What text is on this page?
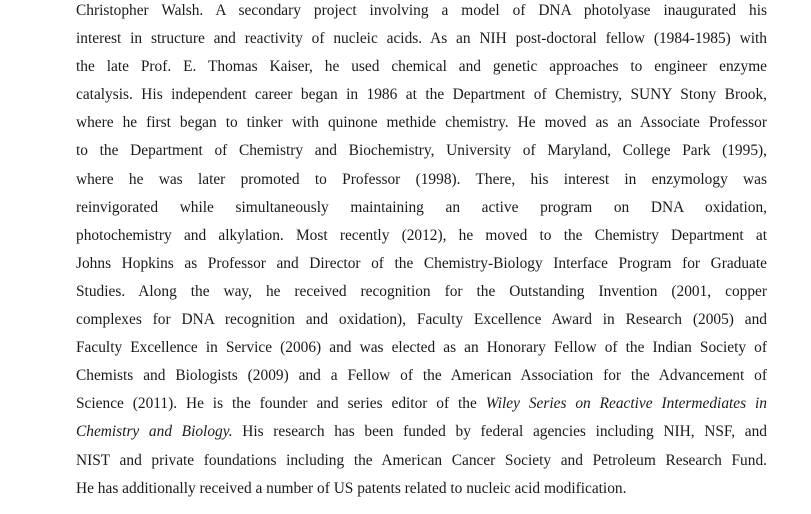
Christopher Walsh. A secondary project involving a model of DNA photolyase inaugurated his
interest in structure and reactivity of nucleic acids. As an NIH post-doctoral fellow (1984-1985) with
the late Prof. E. Thomas Kaiser, he used chemical and genetic approaches to engineer enzyme
catalysis. His independent career began in 1986 at the Department of Chemistry, SUNY Stony Brook,
where he first began to tinker with quinone methide chemistry. He moved as an Associate Professor
to the Department of Chemistry and Biochemistry, University of Maryland, College Park (1995),
where he was later promoted to Professor (1998). There, his interest in enzymology was
reinvigorated while simultaneously maintaining an active program on DNA oxidation,
photochemistry and alkylation. Most recently (2012), he moved to the Chemistry Department at
Johns Hopkins as Professor and Director of the Chemistry-Biology Interface Program for Graduate
Studies. Along the way, he received recognition for the Outstanding Invention (2001, copper
complexes for DNA recognition and oxidation), Faculty Excellence Award in Research (2005) and
Faculty Excellence in Service (2006) and was elected as an Honorary Fellow of the Indian Society of
Chemists and Biologists (2009) and a Fellow of the American Association for the Advancement of
Science (2011). He is the founder and series editor of the Wiley Series on Reactive Intermediates in
Chemistry and Biology. His research has been funded by federal agencies including NIH, NSF, and
NIST and private foundations including the American Cancer Society and Petroleum Research Fund.
He has additionally received a number of US patents related to nucleic acid modification.
